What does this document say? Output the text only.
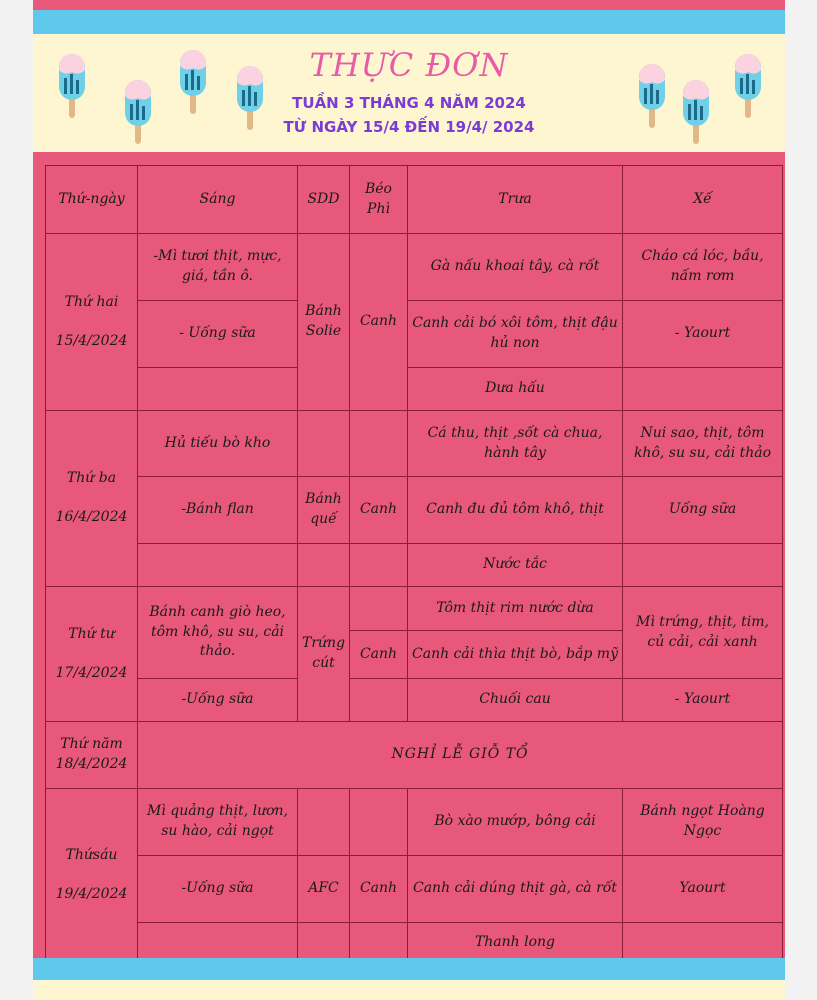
THỰC ĐƠN
TUẦN 3 THÁNG 4 NĂM 2024
TỪ NGÀY 15/4 ĐẾN 19/4/ 2024
Thứ-ngày	Sáng	SDD	Béo Phì	Trưa	Xế

Thứ hai

15/4/2024	-Mì tươi thịt, mực, giá, tần ô.	Bánh Solie	Canh	Gà nấu khoai tây, cà rốt	Cháo cá lóc, bầu, nấm rơm
	- Uống sữa			Canh cải bó xôi tôm, thịt đậu hủ non	- Yaourt
				Dưa hấu	

Thứ ba

16/4/2024	Hủ tiếu bò kho			Cá thu, thịt ,sốt cà chua, hành tây	Nui sao, thịt, tôm khô, su su, cải thảo
	-Bánh flan	Bánh quế	Canh	Canh đu đủ tôm khô, thịt	Uống sữa
				Nước tắc	

Thứ tư

17/4/2024	Bánh canh giò heo, tôm khô, su su, cải thảo.	Trứng cút		Tôm thịt rim nước dừa	Mì trứng, thịt, tim, củ cải, cải xanh
			Canh	Canh cải thìa thịt bò, bắp mỹ	
	-Uống sữa			Chuối cau	- Yaourt

Thứ năm
18/4/2024	NGHỈ LỄ GIỖ TỔ				

Thứsáu

19/4/2024	Mì quảng thịt, lươn, su hào, cải ngọt			Bò xào mướp, bông cải	Bánh ngọt Hoàng Ngọc
	-Uống sữa	AFC	Canh	Canh cải dúng thịt gà, cà rốt	Yaourt
				Thanh long	
